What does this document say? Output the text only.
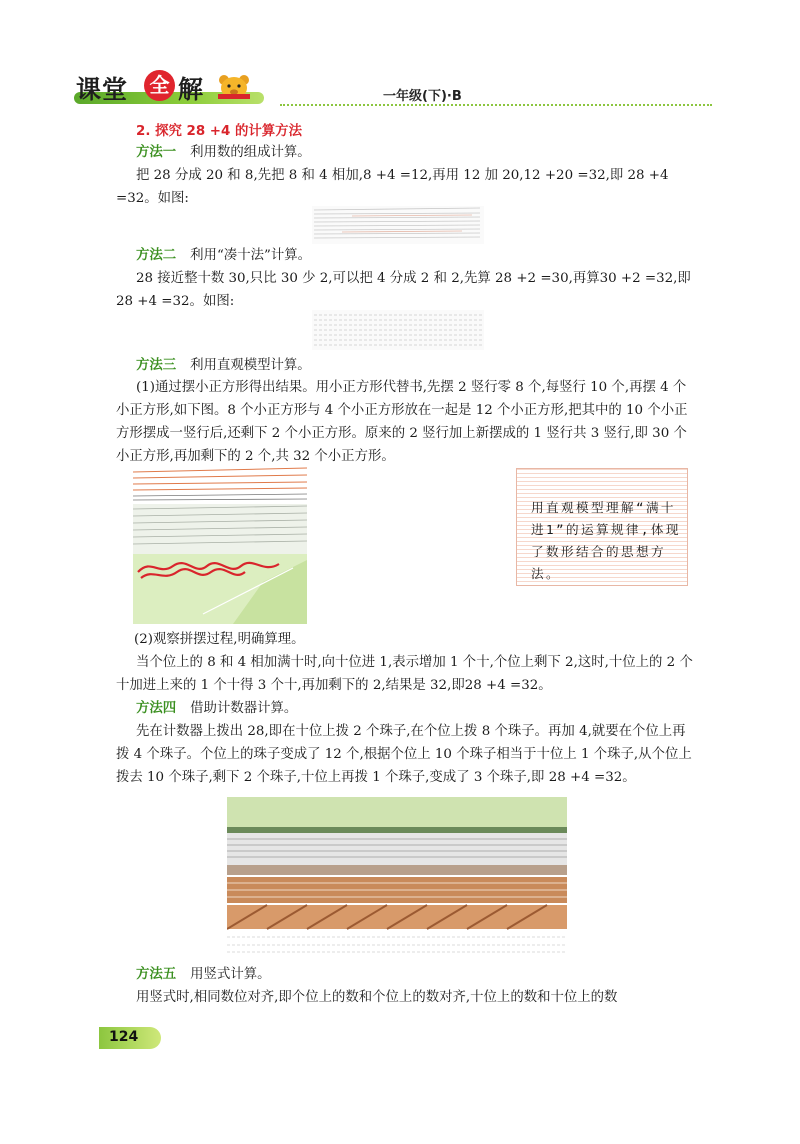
课堂 全 解	一年级(下)·B
2. 探究 28 +4 的计算方法
方法一 利用数的组成计算。
把 28 分成 20 和 8,先把 8 和 4 相加,8 +4 =12,再用 12 加 20,12 +20 =32,即 28 +4 =32。如图:
方法二 利用“凑十法”计算。
28 接近整十数 30,只比 30 少 2,可以把 4 分成 2 和 2,先算 28 +2 =30,再算30 +2 =32,即 28 +4 =32。如图:
方法三 利用直观模型计算。
(1)通过摆小正方形得出结果。用小正方形代替书,先摆 2 竖行零 8 个,每竖行 10 个,再摆 4 个小正方形,如下图。8 个小正方形与 4 个小正方形放在一起是 12 个小正方形,把其中的 10 个小正方形摆成一竖行后,还剩下 2 个小正方形。原来的 2 竖行加上新摆成的 1 竖行共 3 竖行,即 30 个小正方形,再加剩下的 2 个,共 32 个小正方形。
用直观模型理解“满十进1”的运算规律,体现了数形结合的思想方法。
(2)观察拼摆过程,明确算理。
当个位上的 8 和 4 相加满十时,向十位进 1,表示增加 1 个十,个位上剩下 2,这时,十位上的 2 个十加进上来的 1 个十得 3 个十,再加剩下的 2,结果是 32,即28 +4 =32。
方法四 借助计数器计算。
先在计数器上拨出 28,即在十位上拨 2 个珠子,在个位上拨 8 个珠子。再加 4,就要在个位上再拨 4 个珠子。个位上的珠子变成了 12 个,根据个位上 10 个珠子相当于十位上 1 个珠子,从个位上拨去 10 个珠子,剩下 2 个珠子,十位上再拨 1 个珠子,变成了 3 个珠子,即 28 +4 =32。
方法五 用竖式计算。
用竖式时,相同数位对齐,即个位上的数和个位上的数对齐,十位上的数和十位上的数
124
